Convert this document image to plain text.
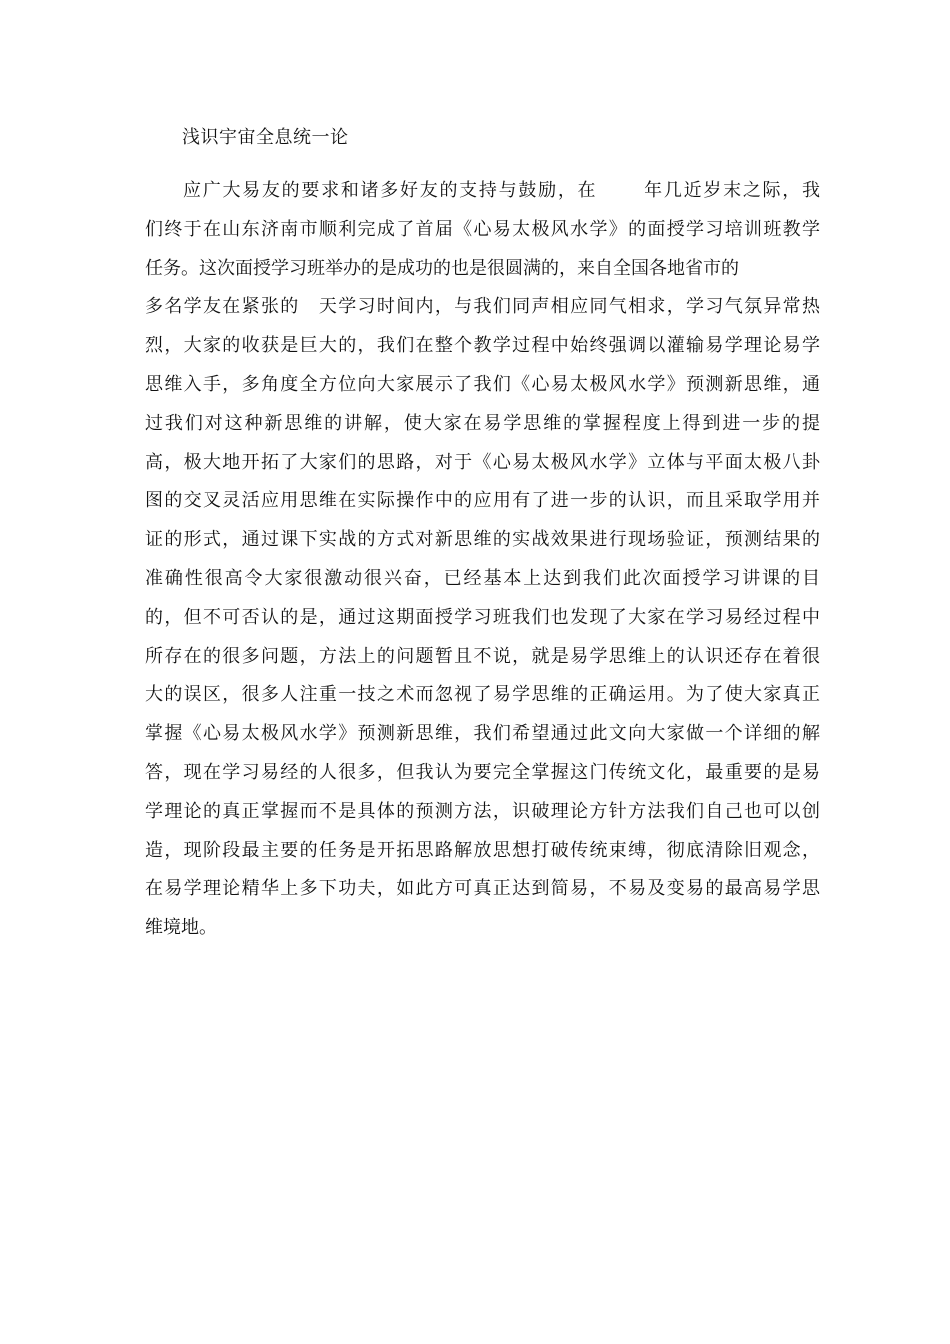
浅识宇宙全息统一论
应广大易友的要求和诸多好友的支持与鼓励，在　　 年几近岁末之际，我
们终于在山东济南市顺利完成了首届《心易太极风水学》的面授学习培训班教学
任务。这次面授学习班举办的是成功的也是很圆满的，来自全国各地省市的
多名学友在紧张的　天学习时间内，与我们同声相应同气相求，学习气氛异常热
烈，大家的收获是巨大的，我们在整个教学过程中始终强调以灌输易学理论易学
思维入手，多角度全方位向大家展示了我们《心易太极风水学》预测新思维，通
过我们对这种新思维的讲解，使大家在易学思维的掌握程度上得到进一步的提
高，极大地开拓了大家们的思路，对于《心易太极风水学》立体与平面太极八卦
图的交叉灵活应用思维在实际操作中的应用有了进一步的认识，而且采取学用并
证的形式，通过课下实战的方式对新思维的实战效果进行现场验证，预测结果的
准确性很高令大家很激动很兴奋，已经基本上达到我们此次面授学习讲课的目
的，但不可否认的是，通过这期面授学习班我们也发现了大家在学习易经过程中
所存在的很多问题，方法上的问题暂且不说，就是易学思维上的认识还存在着很
大的误区，很多人注重一技之术而忽视了易学思维的正确运用。为了使大家真正
掌握《心易太极风水学》预测新思维，我们希望通过此文向大家做一个详细的解
答，现在学习易经的人很多，但我认为要完全掌握这门传统文化，最重要的是易
学理论的真正掌握而不是具体的预测方法，识破理论方针方法我们自己也可以创
造，现阶段最主要的任务是开拓思路解放思想打破传统束缚，彻底清除旧观念，
在易学理论精华上多下功夫，如此方可真正达到简易，不易及变易的最高易学思
维境地。
